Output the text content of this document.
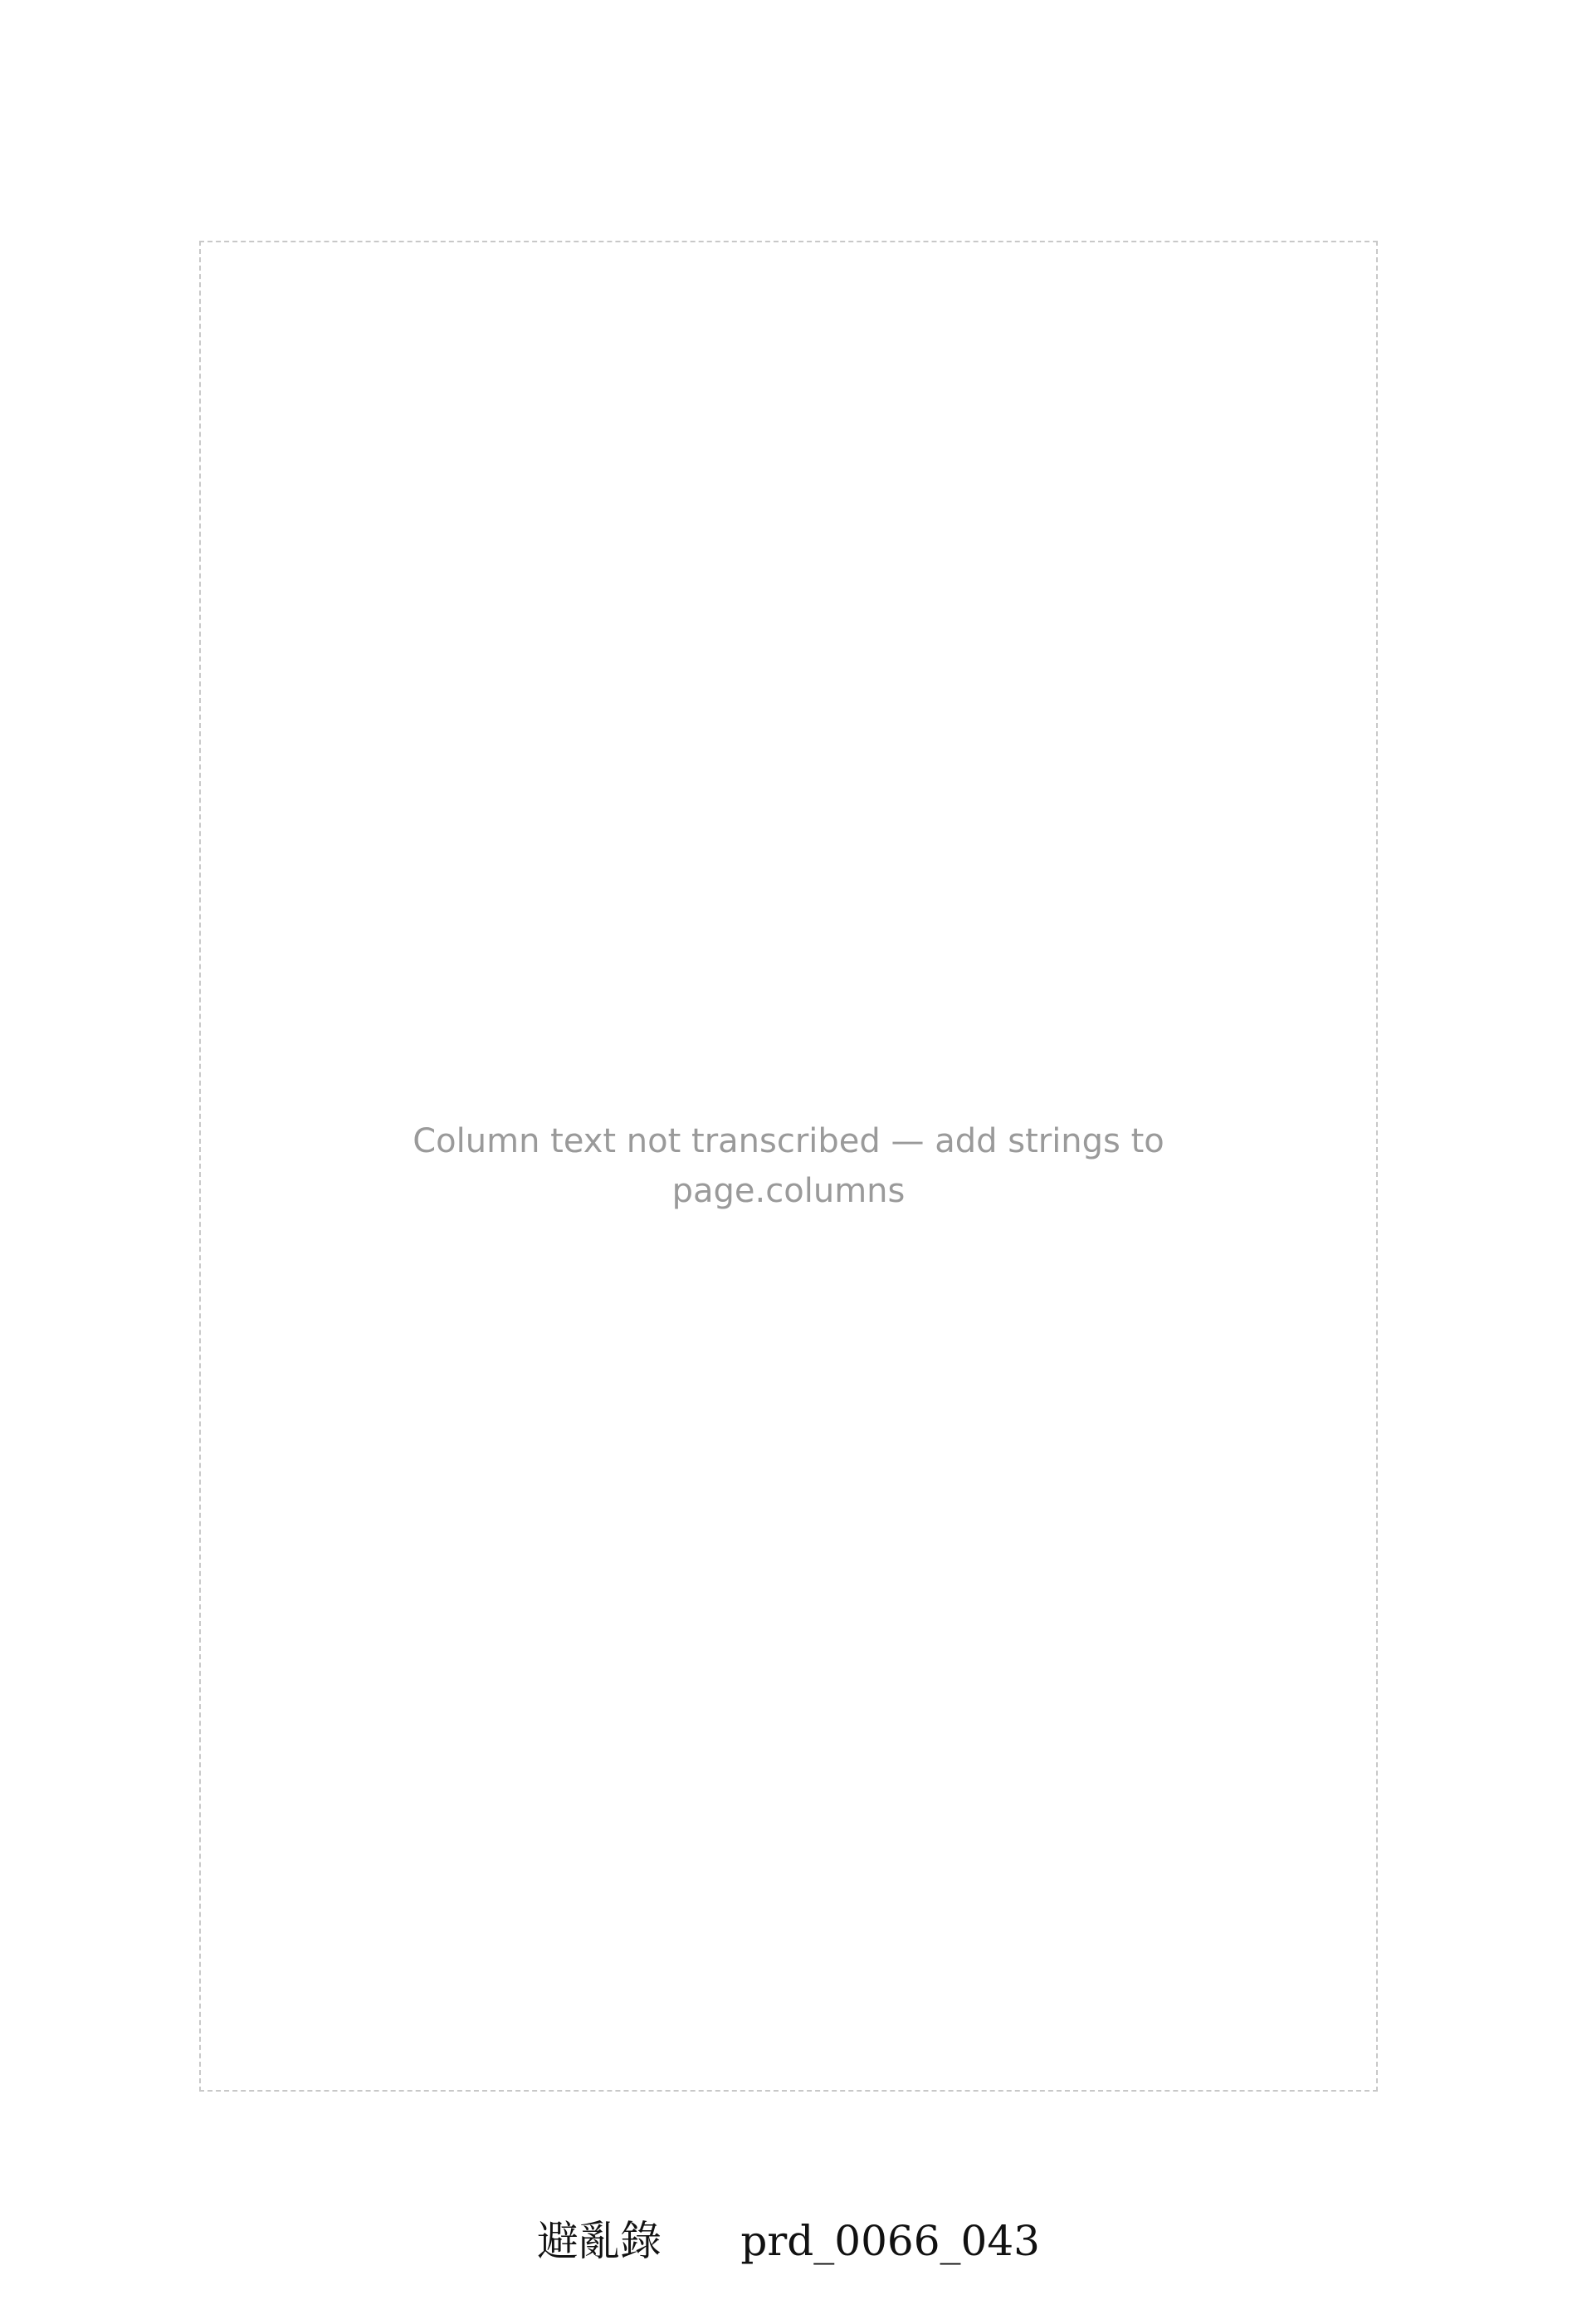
Column text not transcribed — add strings to page.columns
避亂錄 prd_0066_043
